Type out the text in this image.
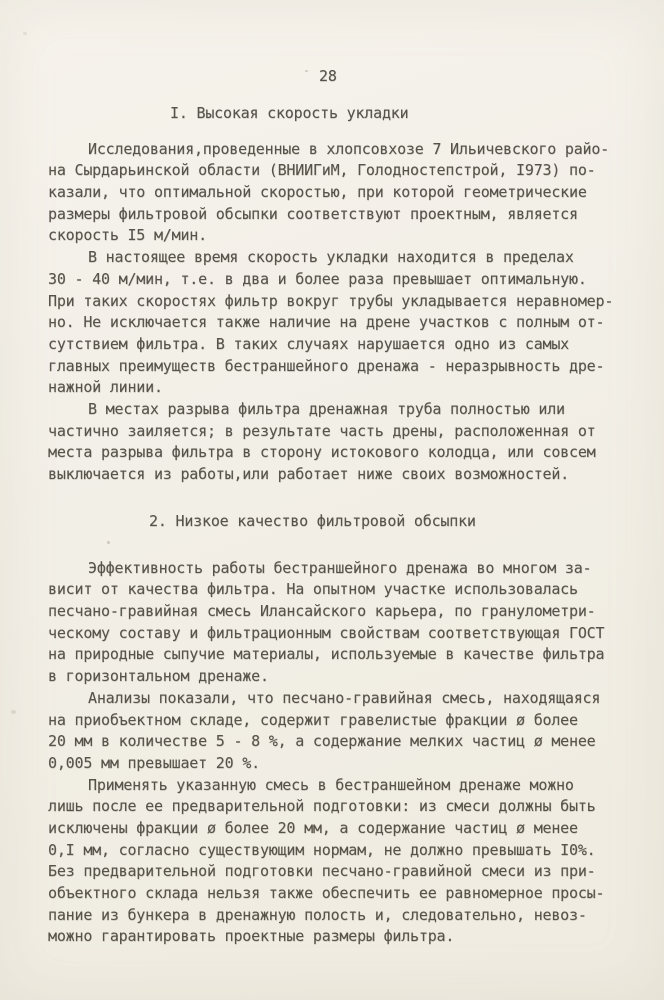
28
I. Высокая скорость укладки

Исследования,проведенные в хлопсовхозе 7 Ильичевского райо-
на Сырдарьинской области (ВНИИГиМ, Голодностепстрой, I973) по-
казали, что оптимальной скоростью, при которой геометрические
размеры фильтровой обсыпки соответствуют проектным, является
скорость I5 м/мин.

В настоящее время скорость укладки находится в пределах
30 - 40 м/мин, т.е. в два и более раза превышает оптимальную.
При таких скоростях фильтр вокруг трубы укладывается неравномер-
но. Не исключается также наличие на дрене участков с полным от-
сутствием фильтра. В таких случаях нарушается одно из самых
главных преимуществ бестраншейного дренажа - неразрывность дре-
нажной линии.

В местах разрыва фильтра дренажная труба полностью или
частично заиляется; в результате часть дрены, расположенная от
места разрыва фильтра в сторону истокового колодца, или совсем
выключается из работы,или работает ниже своих возможностей.

2. Низкое качество фильтровой обсыпки

Эффективность работы бестраншейного дренажа во многом за-
висит от качества фильтра. На опытном участке использовалась
песчано-гравийная смесь Илансайского карьера, по гранулометри-
ческому составу и фильтрационным свойствам соответствующая ГОСТ
на природные сыпучие материалы, используемые в качестве фильтра
в горизонтальном дренаже.

Анализы показали, что песчано-гравийная смесь, находящаяся
на приобъектном складе, содержит гравелистые фракции ø более
20 мм в количестве 5 - 8 %, а содержание мелких частиц ø менее
0,005 мм превышает 20 %.

Применять указанную смесь в бестраншейном дренаже можно
лишь после ее предварительной подготовки: из смеси должны быть
исключены фракции ø более 20 мм, а содержание частиц ø менее
0,I мм, согласно существующим нормам, не должно превышать I0%.
Без предварительной подготовки песчано-гравийной смеси из при-
объектного склада нельзя также обеспечить ее равномерное просы-
пание из бункера в дренажную полость и, следовательно, невоз-
можно гарантировать проектные размеры фильтра.
